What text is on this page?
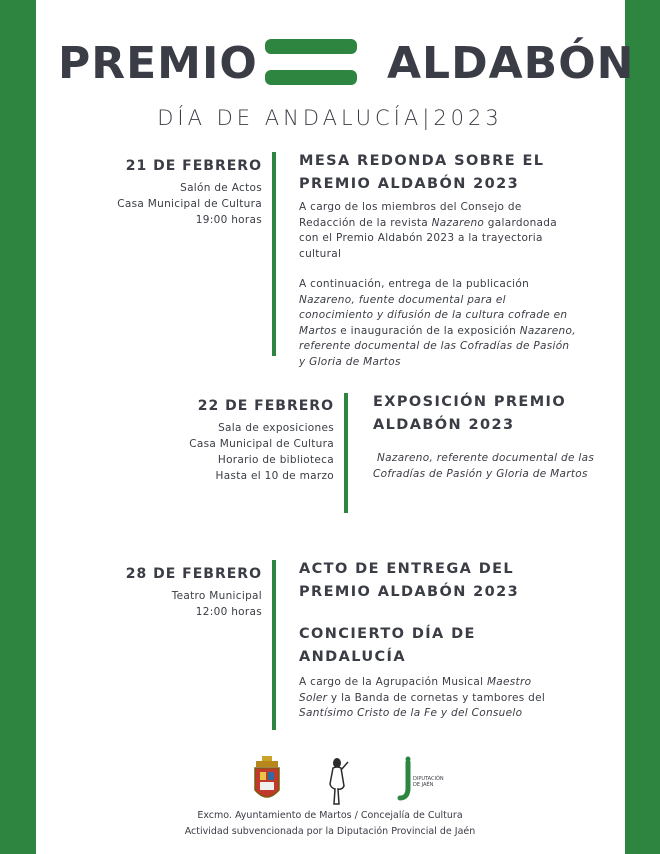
PREMIO	ALDABÓN
DÍA DE ANDALUCÍA|2023
21 DE FEBRERO
Salón de Actos
Casa Municipal de Cultura
19:00 horas
MESA REDONDA SOBRE EL
PREMIO ALDABÓN 2023
A cargo de los miembros del Consejo de
Redacción de la revista Nazareno galardonada
con el Premio Aldabón 2023 a la trayectoria
cultural
A continuación, entrega de la publicación
Nazareno, fuente documental para el
conocimiento y difusión de la cultura cofrade en
Martos e inauguración de la exposición Nazareno,
referente documental de las Cofradías de Pasión
y Gloria de Martos
22 DE FEBRERO
Sala de exposiciones
Casa Municipal de Cultura
Horario de biblioteca
Hasta el 10 de marzo
EXPOSICIÓN PREMIO
ALDABÓN 2023
Nazareno, referente documental de las
Cofradías de Pasión y Gloria de Martos
28 DE FEBRERO
Teatro Municipal
12:00 horas
ACTO DE ENTREGA DEL
PREMIO ALDABÓN 2023
CONCIERTO DÍA DE
ANDALUCÍA
A cargo de la Agrupación Musical Maestro
Soler y la Banda de cornetas y tambores del
Santísimo Cristo de la Fe y del Consuelo
DIPUTACIÓN
DE JAÉN
Excmo. Ayuntamiento de Martos / Concejalía de Cultura
Actividad subvencionada por la Diputación Provincial de Jaén
